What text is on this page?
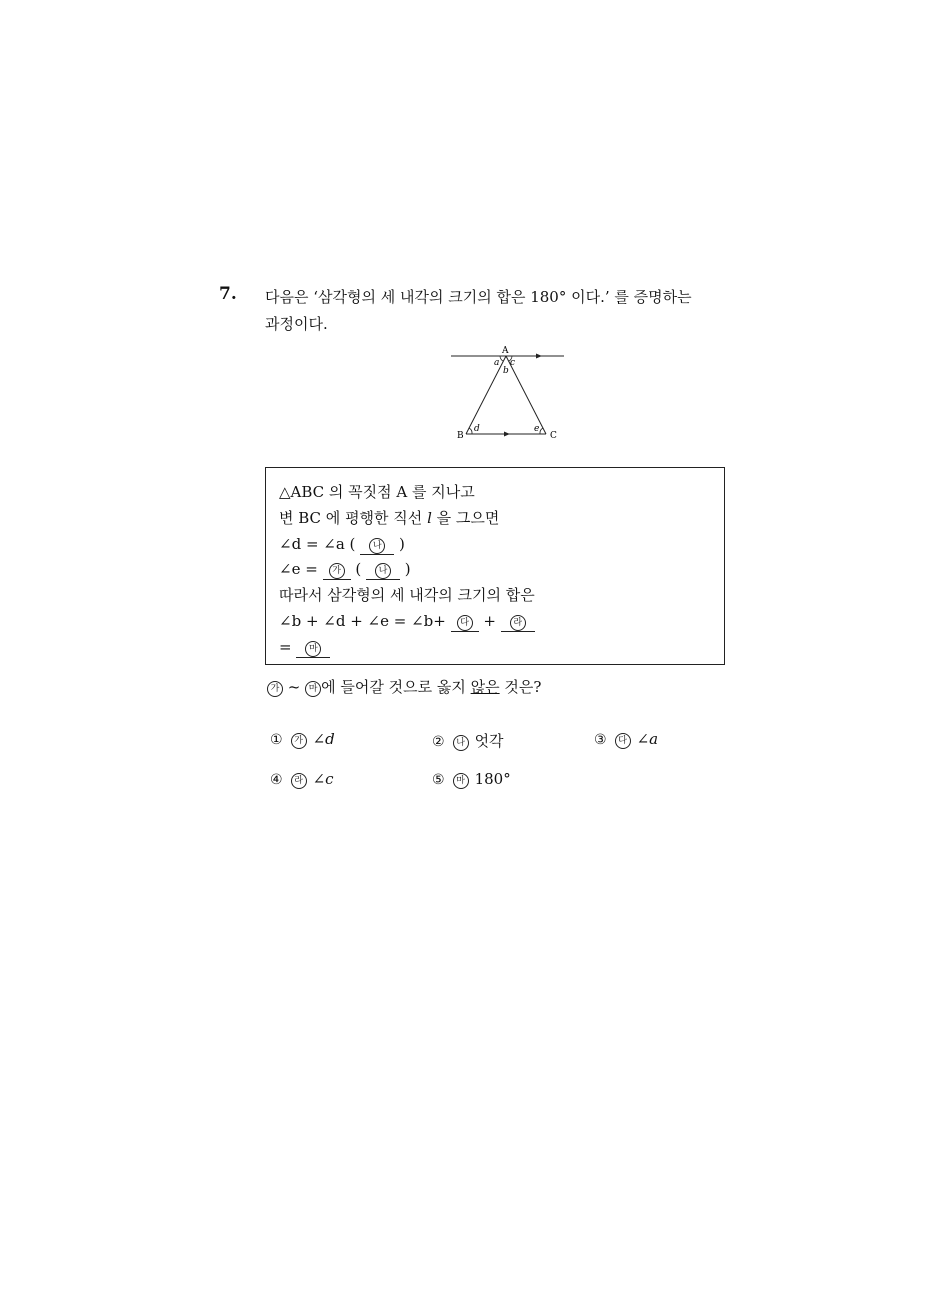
7. 다음은 ‘삼각형의 세 내각의 크기의 합은 180° 이다.’ 를 증명하는
과정이다.
A
a c
b
d	e
B	C
△ABC 의 꼭짓점 A 를 지나고
변 BC 에 평행한 직선 l 을 그으면
∠d = ∠a ( 나 )
∠e = 가 ( 나 )
따라서 삼각형의 세 내각의 크기의 합은
∠b + ∠d + ∠e = ∠b+ 다 + 라
= 마
가 ~ 마 에 들어갈 것으로 옳지 않은 것은?
① 가 ∠d	② 나 엇각	③ 다 ∠a
④ 라 ∠c	⑤ 마 180°
